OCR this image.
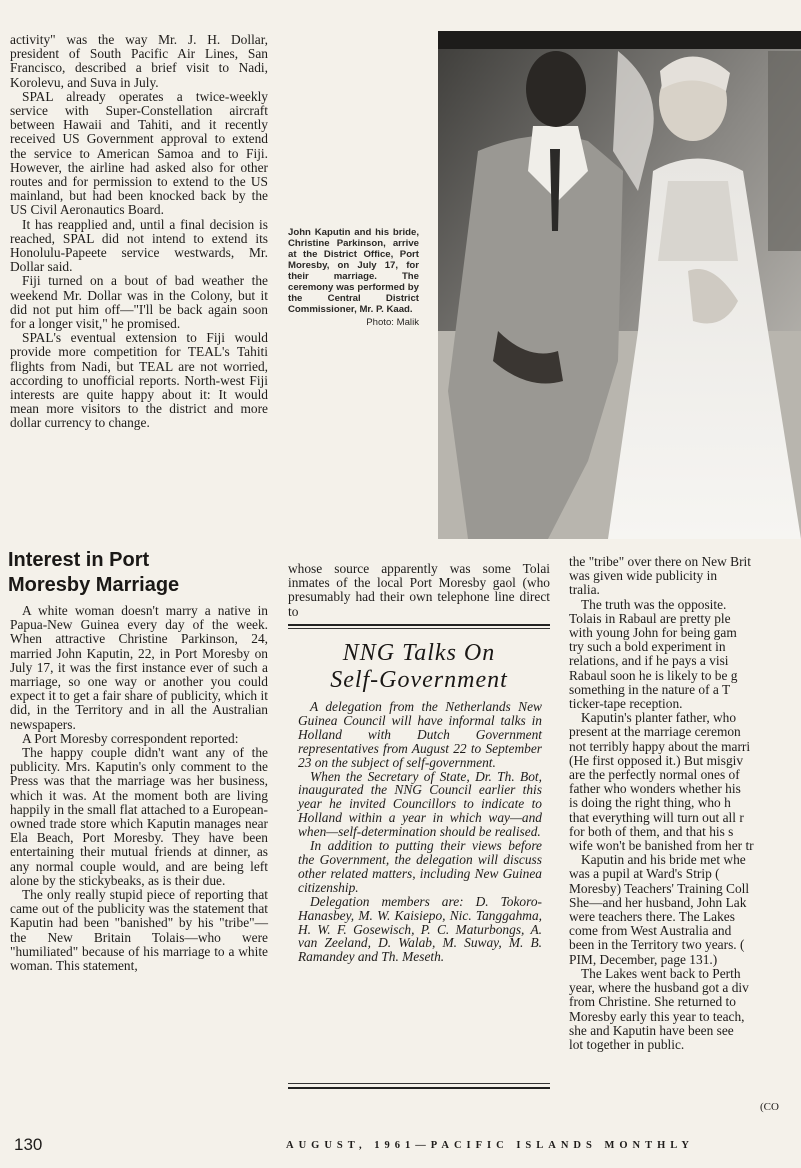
activity" was the way Mr. J. H. Dollar, president of South Pacific Air Lines, San Francisco, described a brief visit to Nadi, Korolevu, and Suva in July.

SPAL already operates a twice-weekly service with Super-Constellation aircraft between Hawaii and Tahiti, and it recently received US Government approval to extend the service to American Samoa and to Fiji. However, the airline had asked also for other routes and for permission to extend to the US mainland, but had been knocked back by the US Civil Aeronautics Board.

It has reapplied and, until a final decision is reached, SPAL did not intend to extend its Honolulu-Papeete service westwards, Mr. Dollar said.

Fiji turned on a bout of bad weather the weekend Mr. Dollar was in the Colony, but it did not put him off—"I'll be back again soon for a longer visit," he promised.

SPAL's eventual extension to Fiji would provide more competition for TEAL's Tahiti flights from Nadi, but TEAL are not worried, according to unofficial reports. North-west Fiji interests are quite happy about it: It would mean more visitors to the district and more dollar currency to change.

John Kaputin and his bride, Christine Parkinson, arrive at the District Office, Port Moresby, on July 17, for their marriage. The ceremony was performed by the Central District Commissioner, Mr. P. Kaad.
Photo: Malik
Interest in Port
Moresby Marriage

A white woman doesn't marry a native in Papua-New Guinea every day of the week. When attractive Christine Parkinson, 24, married John Kaputin, 22, in Port Moresby on July 17, it was the first instance ever of such a marriage, so one way or another you could expect it to get a fair share of publicity, which it did, in the Territory and in all the Australian newspapers.

A Port Moresby correspondent reported:

The happy couple didn't want any of the publicity. Mrs. Kaputin's only comment to the Press was that the marriage was her business, which it was. At the moment both are living happily in the small flat attached to a European-owned trade store which Kaputin manages near Ela Beach, Port Moresby. They have been entertaining their mutual friends at dinner, as any normal couple would, and are being left alone by the stickybeaks, as is their due.

The only really stupid piece of reporting that came out of the publicity was the statement that Kaputin had been "banished" by his "tribe"—the New Britain Tolais—who were "humiliated" because of his marriage to a white woman. This statement,

whose source apparently was some Tolai inmates of the local Port Moresby gaol (who presumably had their own telephone line direct to

NNG Talks On
Self-Government

A delegation from the Netherlands New Guinea Council will have informal talks in Holland with Dutch Government representatives from August 22 to September 23 on the subject of self-government.

When the Secretary of State, Dr. Th. Bot, inaugurated the NNG Council earlier this year he invited Councillors to indicate to Holland within a year in which way—and when—self-determination should be realised.

In addition to putting their views before the Government, the delegation will discuss other related matters, including New Guinea citizenship.

Delegation members are: D. Tokoro-Hanasbey, M. W. Kaisiepo, Nic. Tanggahma, H. W. F. Gosewisch, P. C. Maturbongs, A. van Zeeland, D. Walab, M. Suway, M. B. Ramandey and Th. Meseth.

the "tribe" over there on New Brit

was given wide publicity in

tralia.

The truth was the opposite.

Tolais in Rabaul are pretty ple

with young John for being gam

try such a bold experiment in

relations, and if he pays a visi

Rabaul soon he is likely to be g

something in the nature of a T

ticker-tape reception.

Kaputin's planter father, who

present at the marriage ceremon

not terribly happy about the marri

(He first opposed it.) But misgiv

are the perfectly normal ones of

father who wonders whether his

is doing the right thing, who h

that everything will turn out all r

for both of them, and that his s

wife won't be banished from her tr

Kaputin and his bride met whe

was a pupil at Ward's Strip (

Moresby) Teachers' Training Coll

She—and her husband, John Lak

were teachers there. The Lakes

come from West Australia and

been in the Territory two years. (

PIM, December, page 131.)

The Lakes went back to Perth

year, where the husband got a div

from Christine. She returned to

Moresby early this year to teach,

she and Kaputin have been see

lot together in public.

(CO
130	AUGUST, 1961—PACIFIC ISLANDS MONTHLY
